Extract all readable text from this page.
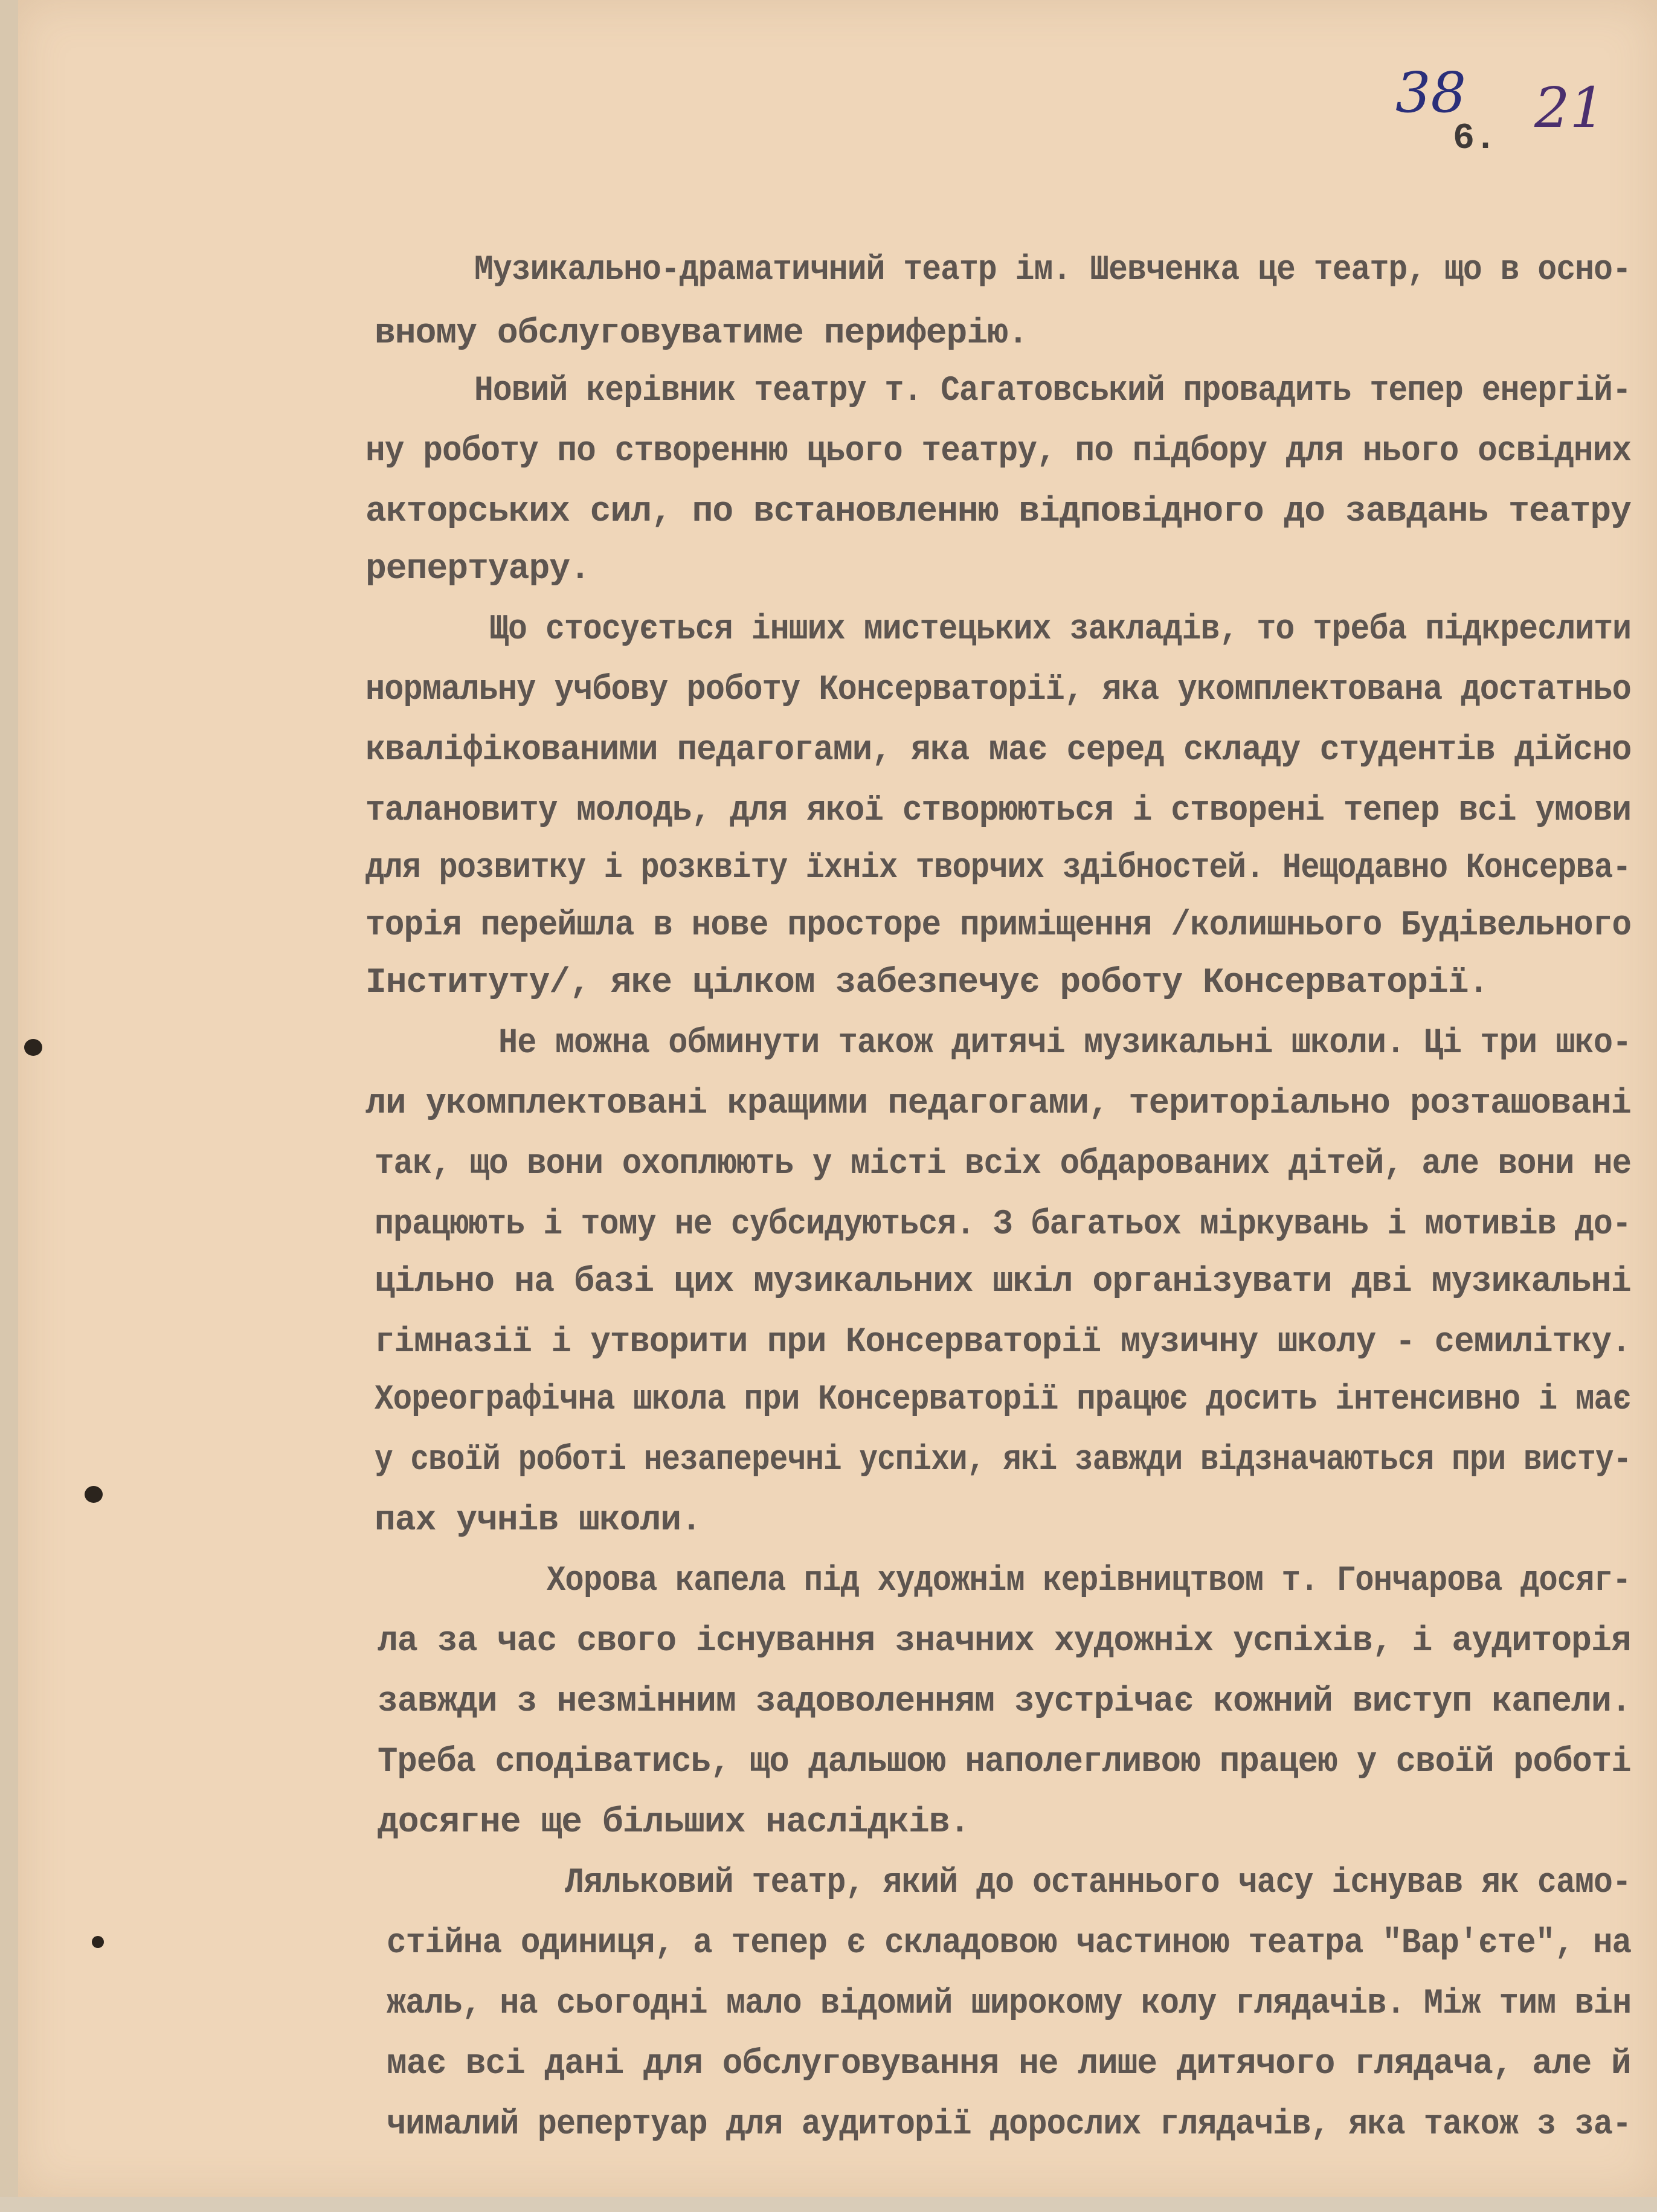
38 21
6.
Музикально-драматичний театр ім. Шевченка це театр, що в осно-
вному обслуговуватиме периферію.
Новий керівник театру т. Сагатовський провадить тепер енергій-
ну роботу по створенню цього театру, по підбору для нього освідних
акторських сил, по встановленню відповідного до завдань театру
репертуару.
Що стосується інших мистецьких закладів, то треба підкреслити
нормальну учбову роботу Консерваторії, яка укомплектована достатньо
кваліфікованими педагогами, яка має серед складу студентів дійсно
талановиту молодь, для якої створюються і створені тепер всі умови
для розвитку і розквіту їхніх творчих здібностей. Нещодавно Консерва-
торія перейшла в нове просторе приміщення /колишнього Будівельного
Інституту/, яке цілком забезпечує роботу Консерваторії.
Не можна обминути також дитячі музикальні школи. Ці три шко-
ли укомплектовані кращими педагогами, територіально розташовані
так, що вони охоплюють у місті всіх обдарованих дітей, але вони не
працюють і тому не субсидуються. З багатьох міркувань і мотивів до-
цільно на базі цих музикальних шкіл організувати дві музикальні
гімназії і утворити при Консерваторії музичну школу - семилітку.
Хореографічна школа при Консерваторії працює досить інтенсивно і має
у своїй роботі незаперечні успіхи, які завжди відзначаються при висту-
пах учнів школи.
Хорова капела під художнім керівництвом т. Гончарова досяг-
ла за час свого існування значних художніх успіхів, і аудиторія
завжди з незмінним задоволенням зустрічає кожний виступ капели.
Треба сподіватись, що дальшою наполегливою працею у своїй роботі
досягне ще більших наслідків.
Ляльковий театр, який до останнього часу існував як само-
стійна одиниця, а тепер є складовою частиною театра "Вар'єте", на
жаль, на сьогодні мало відомий широкому колу глядачів. Між тим він
має всі дані для обслуговування не лише дитячого глядача, але й
чималий репертуар для аудиторії дорослих глядачів, яка також з за-
